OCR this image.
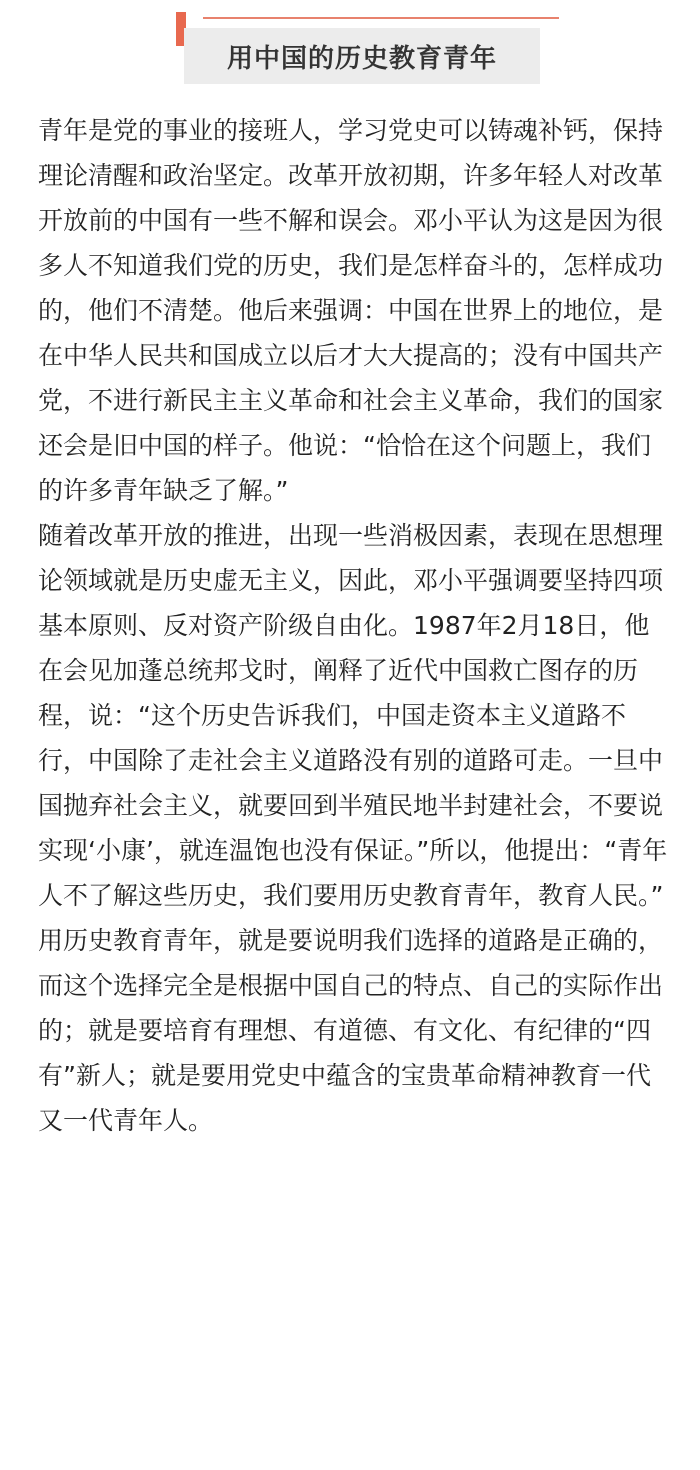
用中国的历史教育青年

青年是党的事业的接班人，学习党史可以铸魂补钙，保持理论清醒和政治坚定。改革开放初期，许多年轻人对改革开放前的中国有一些不解和误会。邓小平认为这是因为很多人不知道我们党的历史，我们是怎样奋斗的，怎样成功的，他们不清楚。他后来强调：中国在世界上的地位，是在中华人民共和国成立以后才大大提高的；没有中国共产党，不进行新民主主义革命和社会主义革命，我们的国家还会是旧中国的样子。他说：“恰恰在这个问题上，我们的许多青年缺乏了解。”

随着改革开放的推进，出现一些消极因素，表现在思想理论领域就是历史虚无主义，因此，邓小平强调要坚持四项基本原则、反对资产阶级自由化。1987年2月18日，他在会见加蓬总统邦戈时，阐释了近代中国救亡图存的历程，说：“这个历史告诉我们，中国走资本主义道路不行，中国除了走社会主义道路没有别的道路可走。一旦中国抛弃社会主义，就要回到半殖民地半封建社会，不要说实现‘小康’，就连温饱也没有保证。”所以，他提出：“青年人不了解这些历史，我们要用历史教育青年，教育人民。”

用历史教育青年，就是要说明我们选择的道路是正确的，而这个选择完全是根据中国自己的特点、自己的实际作出的；就是要培育有理想、有道德、有文化、有纪律的“四有”新人；就是要用党史中蕴含的宝贵革命精神教育一代又一代青年人。
